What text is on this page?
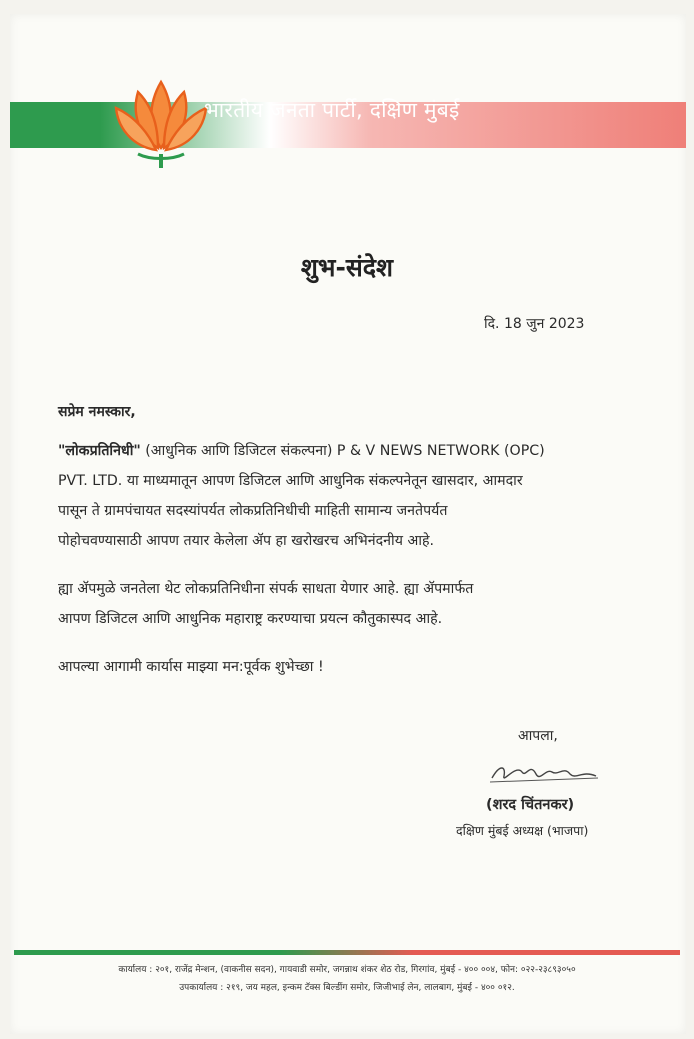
भारतीय जनता पार्टी, दक्षिण मुंबई
शुभ-संदेश
दि. 18 जुन 2023
सप्रेम नमस्कार,
"लोकप्रतिनिधी" (आधुनिक आणि डिजिटल संकल्पना) P & V NEWS NETWORK (OPC)
PVT. LTD. या माध्यमातून आपण डिजिटल आणि आधुनिक संकल्पनेतून खासदार, आमदार
पासून ते ग्रामपंचायत सदस्यांपर्यत लोकप्रतिनिधीची माहिती सामान्य जनतेपर्यत
पोहोचवण्यासाठी आपण तयार केलेला ॲप हा खरोखरच अभिनंदनीय आहे.
ह्या ॲपमुळे जनतेला थेट लोकप्रतिनिधीना संपर्क साधता येणार आहे. ह्या ॲपमार्फत
आपण डिजिटल आणि आधुनिक महाराष्ट्र करण्याचा प्रयत्न कौतुकास्पद आहे.
आपल्या आगामी कार्यास माझ्या मन:पूर्वक शुभेच्छा !
आपला,
(शरद चिंतनकर)
दक्षिण मुंबई अध्यक्ष (भाजपा)
कार्यालय : २०१, राजेंद्र मेन्शन, (वाकनीस सदन), गायवाडी समोर, जगन्नाथ शंकर शेठ रोड, गिरगांव, मुंबई - ४०० ००४, फोन: ०२२-२३८९३०५०
उपकार्यालय : २१९, जय महल, इन्कम टॅक्स बिल्डींग समोर, जिजीभाई लेन, लालबाग, मुंबई - ४०० ०१२.
